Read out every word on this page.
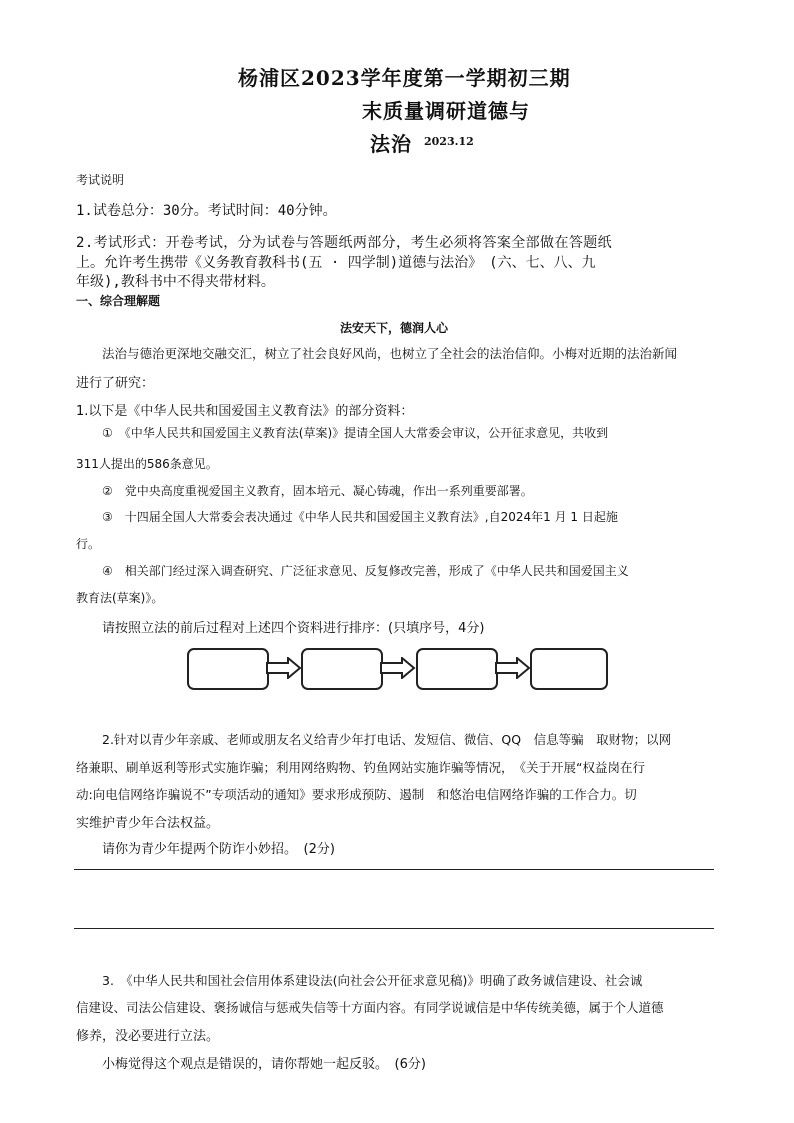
杨浦区2023学年度第一学期初三期
末质量调研道德与
法治 2023.12
考试说明
1.试卷总分：30分。考试时间：40分钟。
2.考试形式：开卷考试，分为试卷与答题纸两部分，考生必须将答案全部做在答题纸
上。允许考生携带《义务教育教科书(五 · 四学制)道德与法治》　(六、七、八、九
年级),教科书中不得夹带材料。
一、综合理解题
法安天下，德润人心
法治与德治更深地交融交汇，树立了社会良好风尚，也树立了全社会的法治信仰。小梅对近期的法治新闻
进行了研究：
1.以下是《中华人民共和国爱国主义教育法》的部分资料：
①　《中华人民共和国爱国主义教育法(草案)》提请全国人大常委会审议，公开征求意见，共收到
311人提出的586条意见。
②　党中央高度重视爱国主义教育，固本培元、凝心铸魂，作出一系列重要部署。
③　十四届全国人大常委会表决通过《中华人民共和国爱国主义教育法》,自2024年1 月 1 日起施
行。
④　相关部门经过深入调查研究、广泛征求意见、反复修改完善，形成了《中华人民共和国爱国主义
教育法(草案)》。
请按照立法的前后过程对上述四个资料进行排序：(只填序号，4分)
2.针对以青少年亲戚、老师或朋友名义给青少年打电话、发短信、微信、QQ　信息等骗　取财物；以网
络兼职、刷单返利等形式实施诈骗；利用网络购物、钓鱼网站实施诈骗等情况，　《关于开展“权益岗在行
动:向电信网络诈骗说不”专项活动的通知》要求形成预防、遏制　和悠治电信网络诈骗的工作合力。切
实维护青少年合法权益。
请你为青少年提两个防诈小妙招。　(2分)
3.　《中华人民共和国社会信用体系建设法(向社会公开征求意见稿)》明确了政务诚信建设、社会诚
信建设、司法公信建设、褒扬诚信与惩戒失信等十方面内容。有同学说诚信是中华传统美德，属于个人道德
修养，没必要进行立法。
小梅觉得这个观点是错误的，请你帮她一起反驳。　(6分)
